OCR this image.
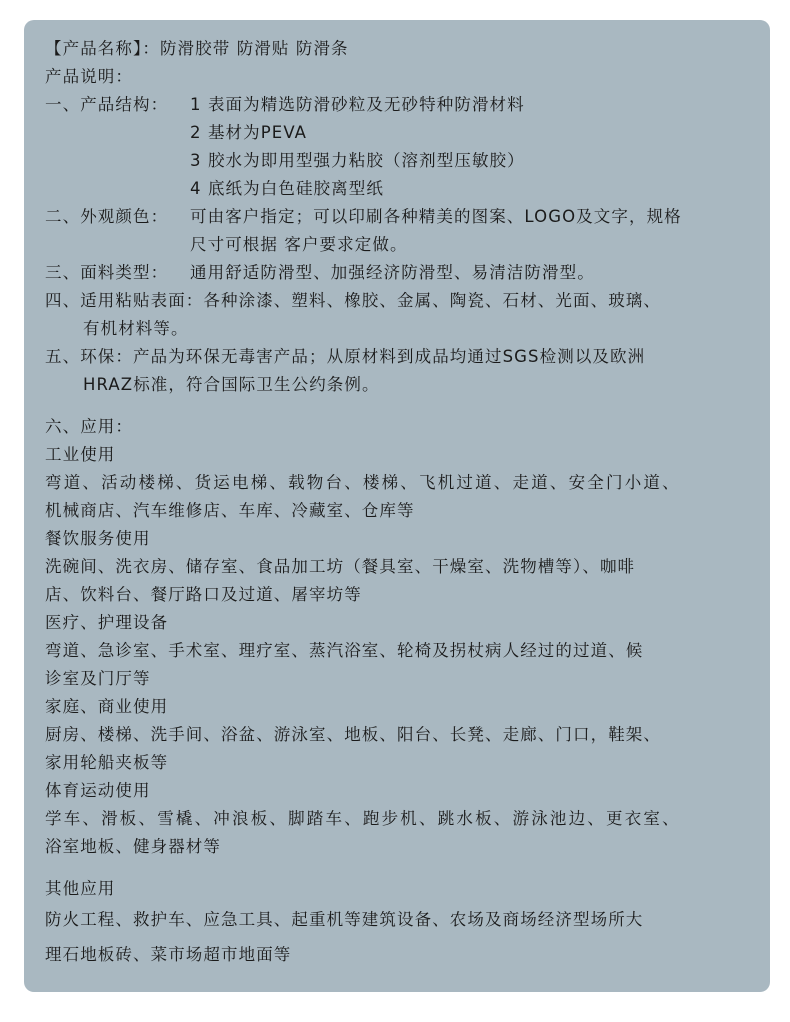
【产品名称】：防滑胶带 防滑贴 防滑条
产品说明：
一、产品结构： 1 表面为精选防滑砂粒及无砂特种防滑材料
2 基材为PEVA
3 胶水为即用型强力粘胶（溶剂型压敏胶）
4 底纸为白色硅胶离型纸
二、外观颜色： 可由客户指定；可以印刷各种精美的图案、LOGO及文字，规格
尺寸可根据 客户要求定做。
三、面料类型： 通用舒适防滑型、加强经济防滑型、易清洁防滑型。
四、适用粘贴表面：各种涂漆、塑料、橡胶、金属、陶瓷、石材、光面、玻璃、
有机材料等。
五、环保：产品为环保无毒害产品；从原材料到成品均通过SGS检测以及欧洲
HRAZ标准，符合国际卫生公约条例。
六、应用：
工业使用
弯道、活动楼梯、货运电梯、载物台、楼梯、飞机过道、走道、安全门小道、
机械商店、汽车维修店、车库、冷藏室、仓库等
餐饮服务使用
洗碗间、洗衣房、储存室、食品加工坊（餐具室、干燥室、洗物槽等）、咖啡
店、饮料台、餐厅路口及过道、屠宰坊等
医疗、护理设备
弯道、急诊室、手术室、理疗室、蒸汽浴室、轮椅及拐杖病人经过的过道、候
诊室及门厅等
家庭、商业使用
厨房、楼梯、洗手间、浴盆、游泳室、地板、阳台、长凳、走廊、门口，鞋架、
家用轮船夹板等
体育运动使用
学车、滑板、雪橇、冲浪板、脚踏车、跑步机、跳水板、游泳池边、更衣室、
浴室地板、健身器材等
其他应用
防火工程、救护车、应急工具、起重机等建筑设备、农场及商场经济型场所大
理石地板砖、菜市场超市地面等
